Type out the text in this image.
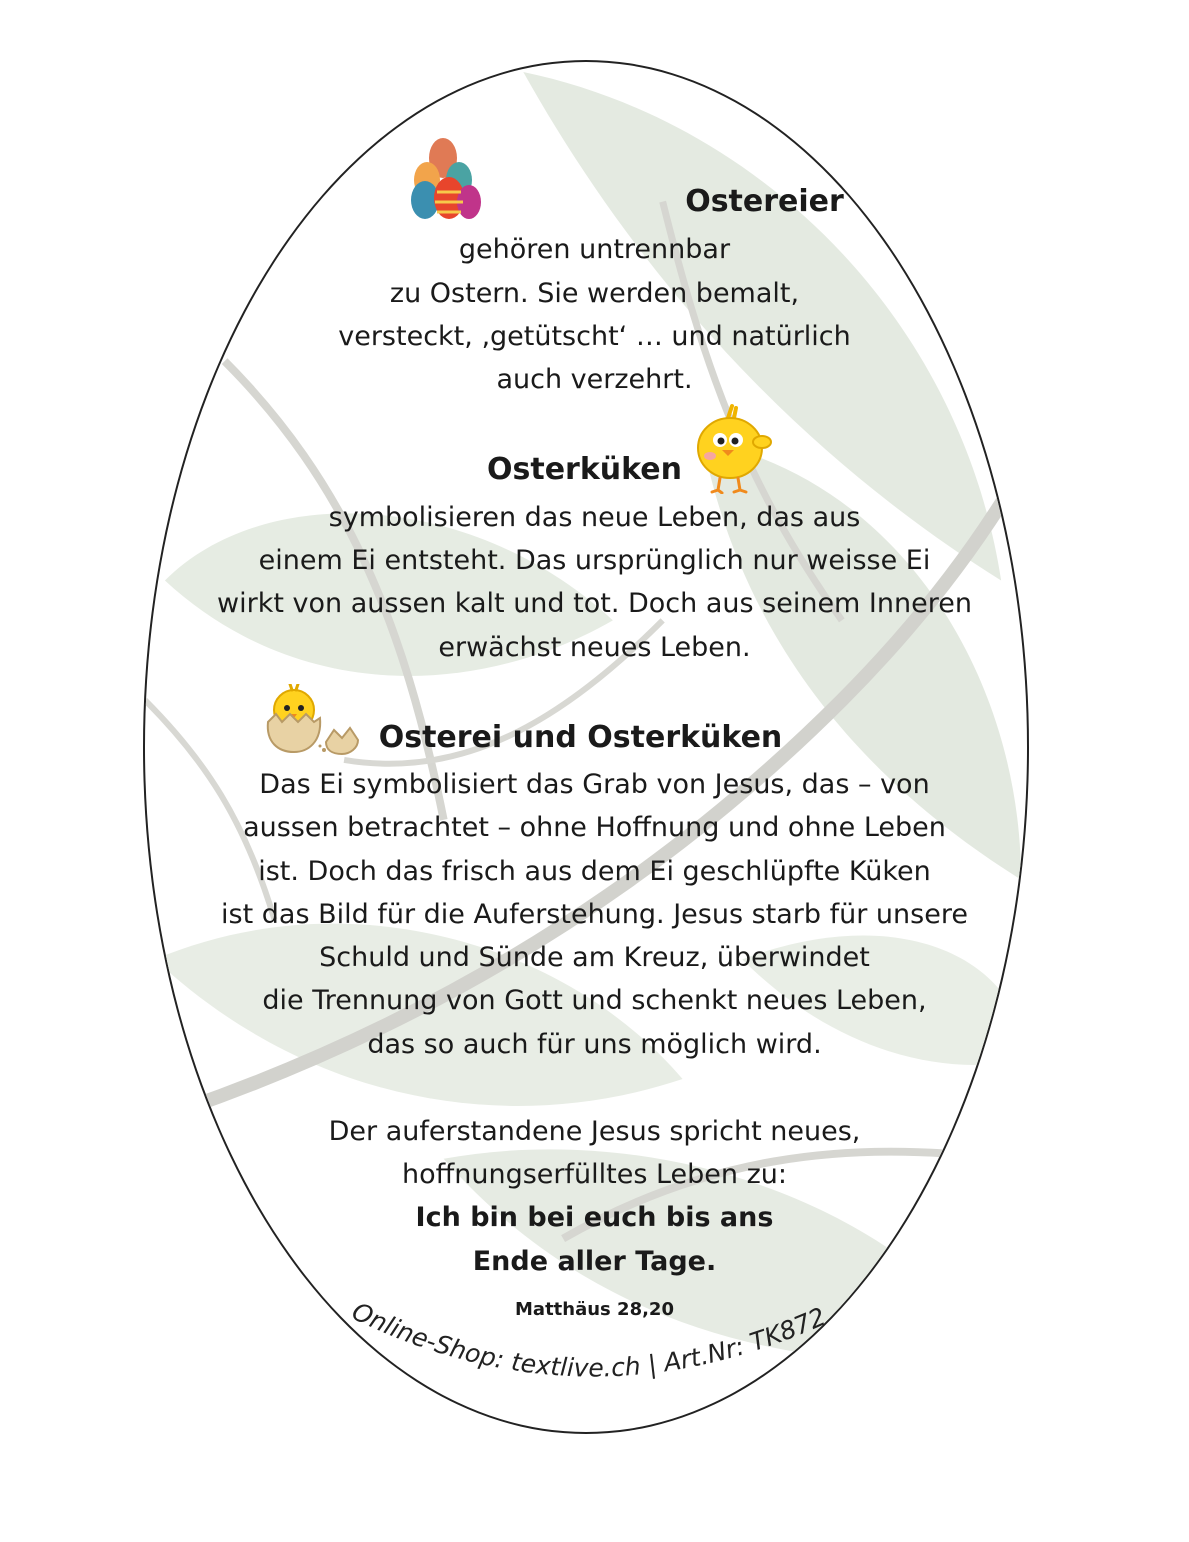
Ostereier
gehören untrennbar
zu Ostern. Sie werden bemalt,
versteckt, ‚getütscht‘ … und natürlich
auch verzehrt.
Osterküken
symbolisieren das neue Leben, das aus
einem Ei entsteht. Das ursprünglich nur weisse Ei
wirkt von aussen kalt und tot. Doch aus seinem Inneren
erwächst neues Leben.
Osterei und Osterküken
Das Ei symbolisiert das Grab von Jesus, das – von
aussen betrachtet – ohne Hoffnung und ohne Leben
ist. Doch das frisch aus dem Ei geschlüpfte Küken
ist das Bild für die Auferstehung. Jesus starb für unsere
Schuld und Sünde am Kreuz, überwindet
die Trennung von Gott und schenkt neues Leben,
das so auch für uns möglich wird.
Der auferstandene Jesus spricht neues,
hoffnungserfülltes Leben zu:
Ich bin bei euch bis ans
Ende aller Tage.
Matthäus 28,20
Online-Shop: textlive.ch | Art.Nr: TK872
